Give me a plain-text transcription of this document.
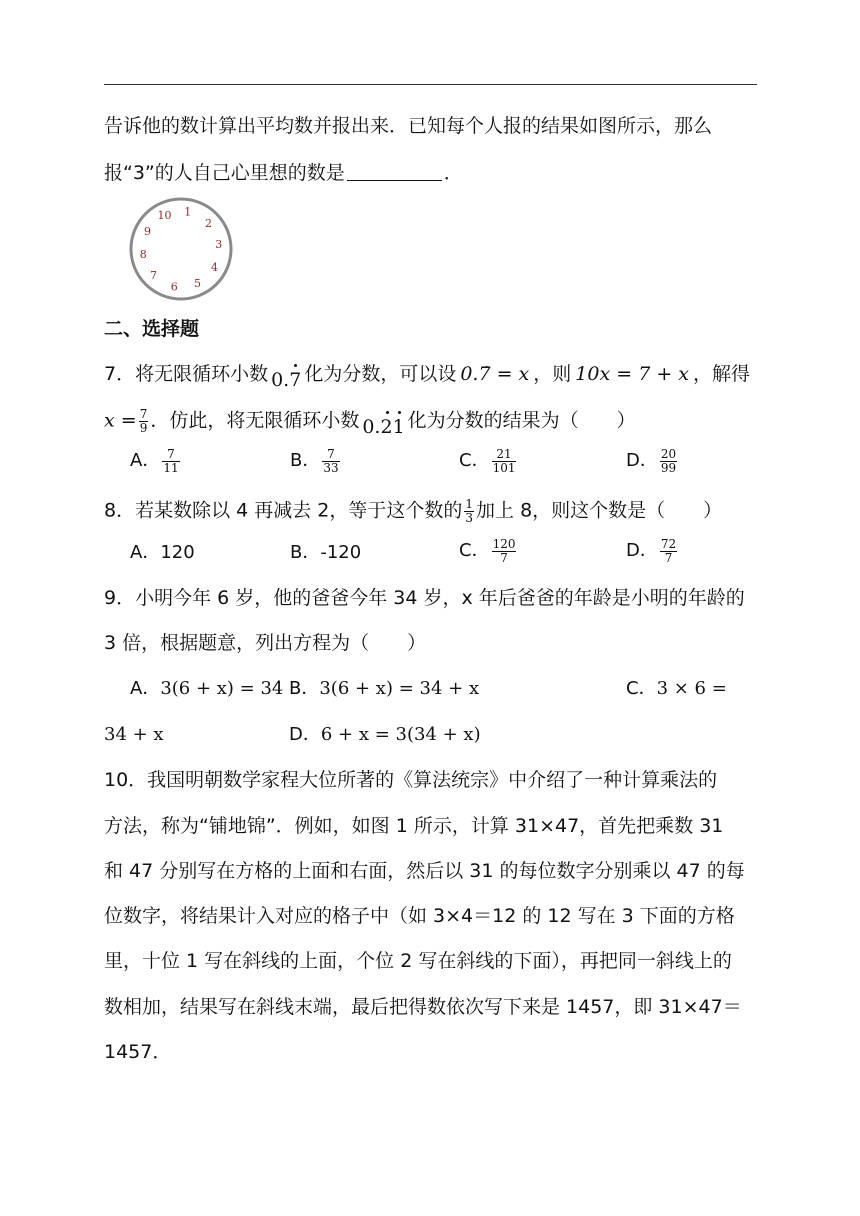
告诉他的数计算出平均数并报出来．已知每个人报的结果如图所示，那么
报“3”的人自己心里想的数是	．
1
2
3
4
5
6
7
8
9
10
二、选择题
7．将无限循环小数 0.7 化为分数，可以设 0.7̇ = x ，则 10x = 7 + x ，解得
$x = \frac{7}{9}$ ．仿此，将无限循环小数 0.21 化为分数的结果为（　　）
A． $\frac{7}{11}$	B． $\frac{7}{33}$	C． $\frac{21}{101}$	D． $\frac{20}{99}$
8．若某数除以 4 再减去 2，等于这个数的 $\frac{1}{3}$ 加上 8，则这个数是（　　）
A．120	B．-120	C． $\frac{120}{7}$	D． $\frac{72}{7}$
9．小明今年 6 岁，他的爸爸今年 34 岁，x 年后爸爸的年龄是小明的年龄的
3 倍，根据题意，列出方程为（　　）
A．3(6 + x) = 34 B．3(6 + x) = 34 + x	C．3 × 6 =
34 + x	D．6 + x = 3(34 + x)
10．我国明朝数学家程大位所著的《算法统宗》中介绍了一种计算乘法的
方法，称为“铺地锦”．例如，如图 1 所示，计算 31×47，首先把乘数 31
和 47 分别写在方格的上面和右面，然后以 31 的每位数字分别乘以 47 的每
位数字，将结果计入对应的格子中（如 3×4＝12 的 12 写在 3 下面的方格
里，十位 1 写在斜线的上面，个位 2 写在斜线的下面），再把同一斜线上的
数相加，结果写在斜线末端，最后把得数依次写下来是 1457，即 31×47＝
1457．
